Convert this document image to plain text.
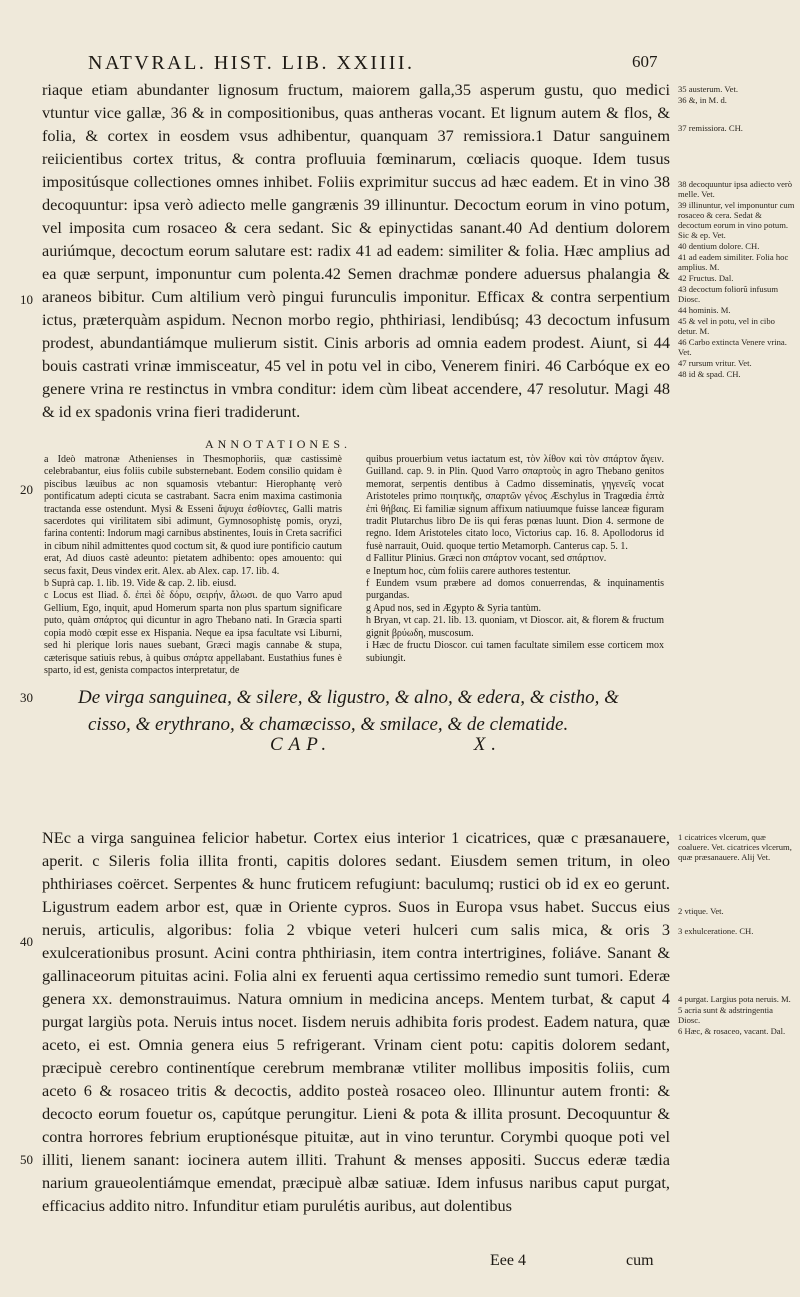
NATVRAL. HIST. LIB. XXIIII.	607

riaque etiam abundanter lignosum fructum, maiorem galla,35 asperum gustu, quo medici vtuntur vice gallæ, 36 & in compositionibus, quas antheras vocant. Et lignum autem & flos, & folia, & cortex in eosdem vsus adhibentur, quanquam 37 remissiora.1 Datur sanguinem reiicientibus cortex tritus, & contra profluuia fœminarum, cœliacis quoque. Idem tusus impositúsque collectiones omnes inhibet. Foliis exprimitur succus ad hæc eadem. Et in vino 38 decoquuntur: ipsa verò adiecto melle gangrænis 39 illinuntur. Decoctum eorum in vino potum, vel imposita cum rosaceo & cera sedant. Sic & epinyctidas sanant.40 Ad dentium dolorem auriúmque, decoctum eorum salutare est: radix 41 ad eadem: similiter & folia. Hæc amplius ad ea quæ serpunt, imponuntur cum polenta.42 Semen drachmæ pondere aduersus phalangia & araneos bibitur. Cum altilium verò pingui furunculis imponitur. Efficax & contra serpentium ictus, præterquàm aspidum. Necnon morbo regio, phthiriasi, lendibúsq; 43 decoctum infusum prodest, abundantiámque mulierum sistit. Cinis arboris ad omnia eadem prodest. Aiunt, si 44 bouis castrati vrinæ immisceatur, 45 vel in potu vel in cibo, Venerem finiri. 46 Carbóque ex eo genere vrina re restinctus in vmbra conditur: idem cùm libeat accendere, 47 resolutur. Magi 48 & id ex spadonis vrina fieri tradiderunt.

35 austerum. Vet.
36 &, in M. d.
37 remissiora. CH.
38 decoquuntur ipsa adiecto verò melle. Vet.
39 illinuntur, vel imponuntur cum rosaceo & cera. Sedat & decoctum eorum in vino potum. Sic & ep. Vet.
40 dentium dolore. CH.
41 ad eadem similiter. Folia hoc amplius. M.
42 Fructus. Dal.
43 decoctum foliorũ infusum Diosc.
44 hominis. M.
45 & vel in potu, vel in cibo detur. M.
46 Carbo extincta Venere vrina. Vet.
47 rursum vritur. Vet.
48 id & spad. CH.
10
20
30
40
50
ANNOTATIONES.
a Ideò matronæ Athenienses in Thesmophoriis, quæ castissimè celebrabantur, eius foliis cubile substernebant. Eodem consilio quidam è piscibus læuibus ac non squamosis vtebantur: Hierophantę verò pontificatum adepti cicuta se castrabant. Sacra enim maxima castimonia tractanda esse ostendunt. Mysi & Esseni ἄψυχα ἐσθίοντες, Galli matris sacerdotes qui virilitatem sibi adimunt, Gymnosophistę pomis, oryzi, farina contenti: Indorum magi carnibus abstinentes, Iouis in Creta sacrifici in cibum nihil admittentes quod coctum sit, & quod iure pontificio cautum erat, Ad diuos castè adeunto: pietatem adhibento: opes amouento: qui secus faxit, Deus vindex erit. Alex. ab Alex. cap. 17. lib. 4.
b Suprà cap. 1. lib. 19. Vide & cap. 2. lib. eiusd.
c Locus est Iliad. δ. ἐπεὶ δὲ δόρυ, σειρήν, ἄλωσι. de quo Varro apud Gellium, Ego, inquit, apud Homerum sparta non plus spartum significare puto, quàm σπάρτος qui dicuntur in agro Thebano nati. In Græcia sparti copia modò cœpit esse ex Hispania. Neque ea ipsa facultate vsi Liburni, sed hi plerique loris naues suebant, Græci magis cannabe & stupa, cæterisque satiuis rebus, à quibus σπάρτα appellabant. Eustathius funes è sparto, id est, genista compactos interpretatur, de
quibus prouerbium vetus iactatum est, τὸν λίθον καὶ τὸν σπάρτον ἄγειν. Guilland. cap. 9. in Plin. Quod Varro σπαρτοὺς in agro Thebano genitos memorat, serpentis dentibus à Cadmo disseminatis, γηγενεῖς vocat Aristoteles primo ποιητικῆς, σπαρτῶν γένος Æschylus in Tragœdia ἑπτὰ ἐπὶ θήβαις. Ei familiæ signum affixum natiuumque fuisse lanceæ figuram tradit Plutarchus libro De iis qui feras pœnas luunt. Dion 4. sermone de regno. Idem Aristoteles citato loco, Victorius cap. 16. 8. Apollodorus id fusè narrauit, Ouid. quoque tertio Metamorph. Canterus cap. 5. 1.
d Fallitur Plinius. Græci non σπάρτον vocant, sed σπάρτιον.
e Ineptum hoc, cùm foliis carere authores testentur.
f Eundem vsum præbere ad domos conuerrendas, & inquinamentis purgandas.
g Apud nos, sed in Ægypto & Syria tantùm.
h Bryan, vt cap. 21. lib. 13. quoniam, vt Dioscor. ait, & florem & fructum gignit βρύωδη, muscosum.
i Hæc de fructu Dioscor. cui tamen facultate similem esse corticem mox subiungit.
De virga sanguinea, & silere, & ligustro, & alno, & edera, & cistho, &
cisso, & erythrano, & chamæcisso, & smilace, & de clematide.
CAP.	X.

NEc a virga sanguinea felicior habetur. Cortex eius interior 1 cicatrices, quæ c præsanauere, aperit. c Sileris folia illita fronti, capitis dolores sedant. Eiusdem semen tritum, in oleo phthiriases coërcet. Serpentes & hunc fruticem refugiunt: baculumq; rustici ob id ex eo gerunt. Ligustrum eadem arbor est, quæ in Oriente cypros. Suos in Europa vsus habet. Succus eius neruis, articulis, algoribus: folia 2 vbique veteri hulceri cum salis mica, & oris 3 exulcerationibus prosunt. Acini contra phthiriasin, item contra intertrigines, foliáve. Sanant & gallinaceorum pituitas acini. Folia alni ex feruenti aqua certissimo remedio sunt tumori. Ederæ genera xx. demonstrauimus. Natura omnium in medicina anceps. Mentem turbat, & caput 4 purgat largiùs pota. Neruis intus nocet. Iisdem neruis adhibita foris prodest. Eadem natura, quæ aceto, ei est. Omnia genera eius 5 refrigerant. Vrinam cient potu: capitis dolorem sedant, præcipuè cerebro continentíque cerebrum membranæ vtiliter mollibus impositis foliis, cum aceto 6 & rosaceo tritis & decoctis, addito posteà rosaceo oleo. Illinuntur autem fronti: & decocto eorum fouetur os, capútque perungitur. Lieni & pota & illita prosunt. Decoquuntur & contra horrores febrium eruptionésque pituitæ, aut in vino teruntur. Corymbi quoque poti vel illiti, lienem sanant: iocinera autem illiti. Trahunt & menses appositi. Succus ederæ tædia narium graueolentiámque emendat, præcipuè albæ satiuæ. Idem infusus naribus caput purgat, efficacius addito nitro. Infunditur etiam purulétis auribus, aut dolentibus

1 cicatrices vlcerum, quæ coaluere. Vet. cicatrices vlcerum, quæ præsanauere. Alij Vet.
2 vtique. Vet.
3 exhulceratione. CH.
4 purgat. Largius pota neruis. M.
5 acria sunt & adstringentia Diosc.
6 Hæc, & rosaceo, vacant. Dal.
Eee 4	cum
